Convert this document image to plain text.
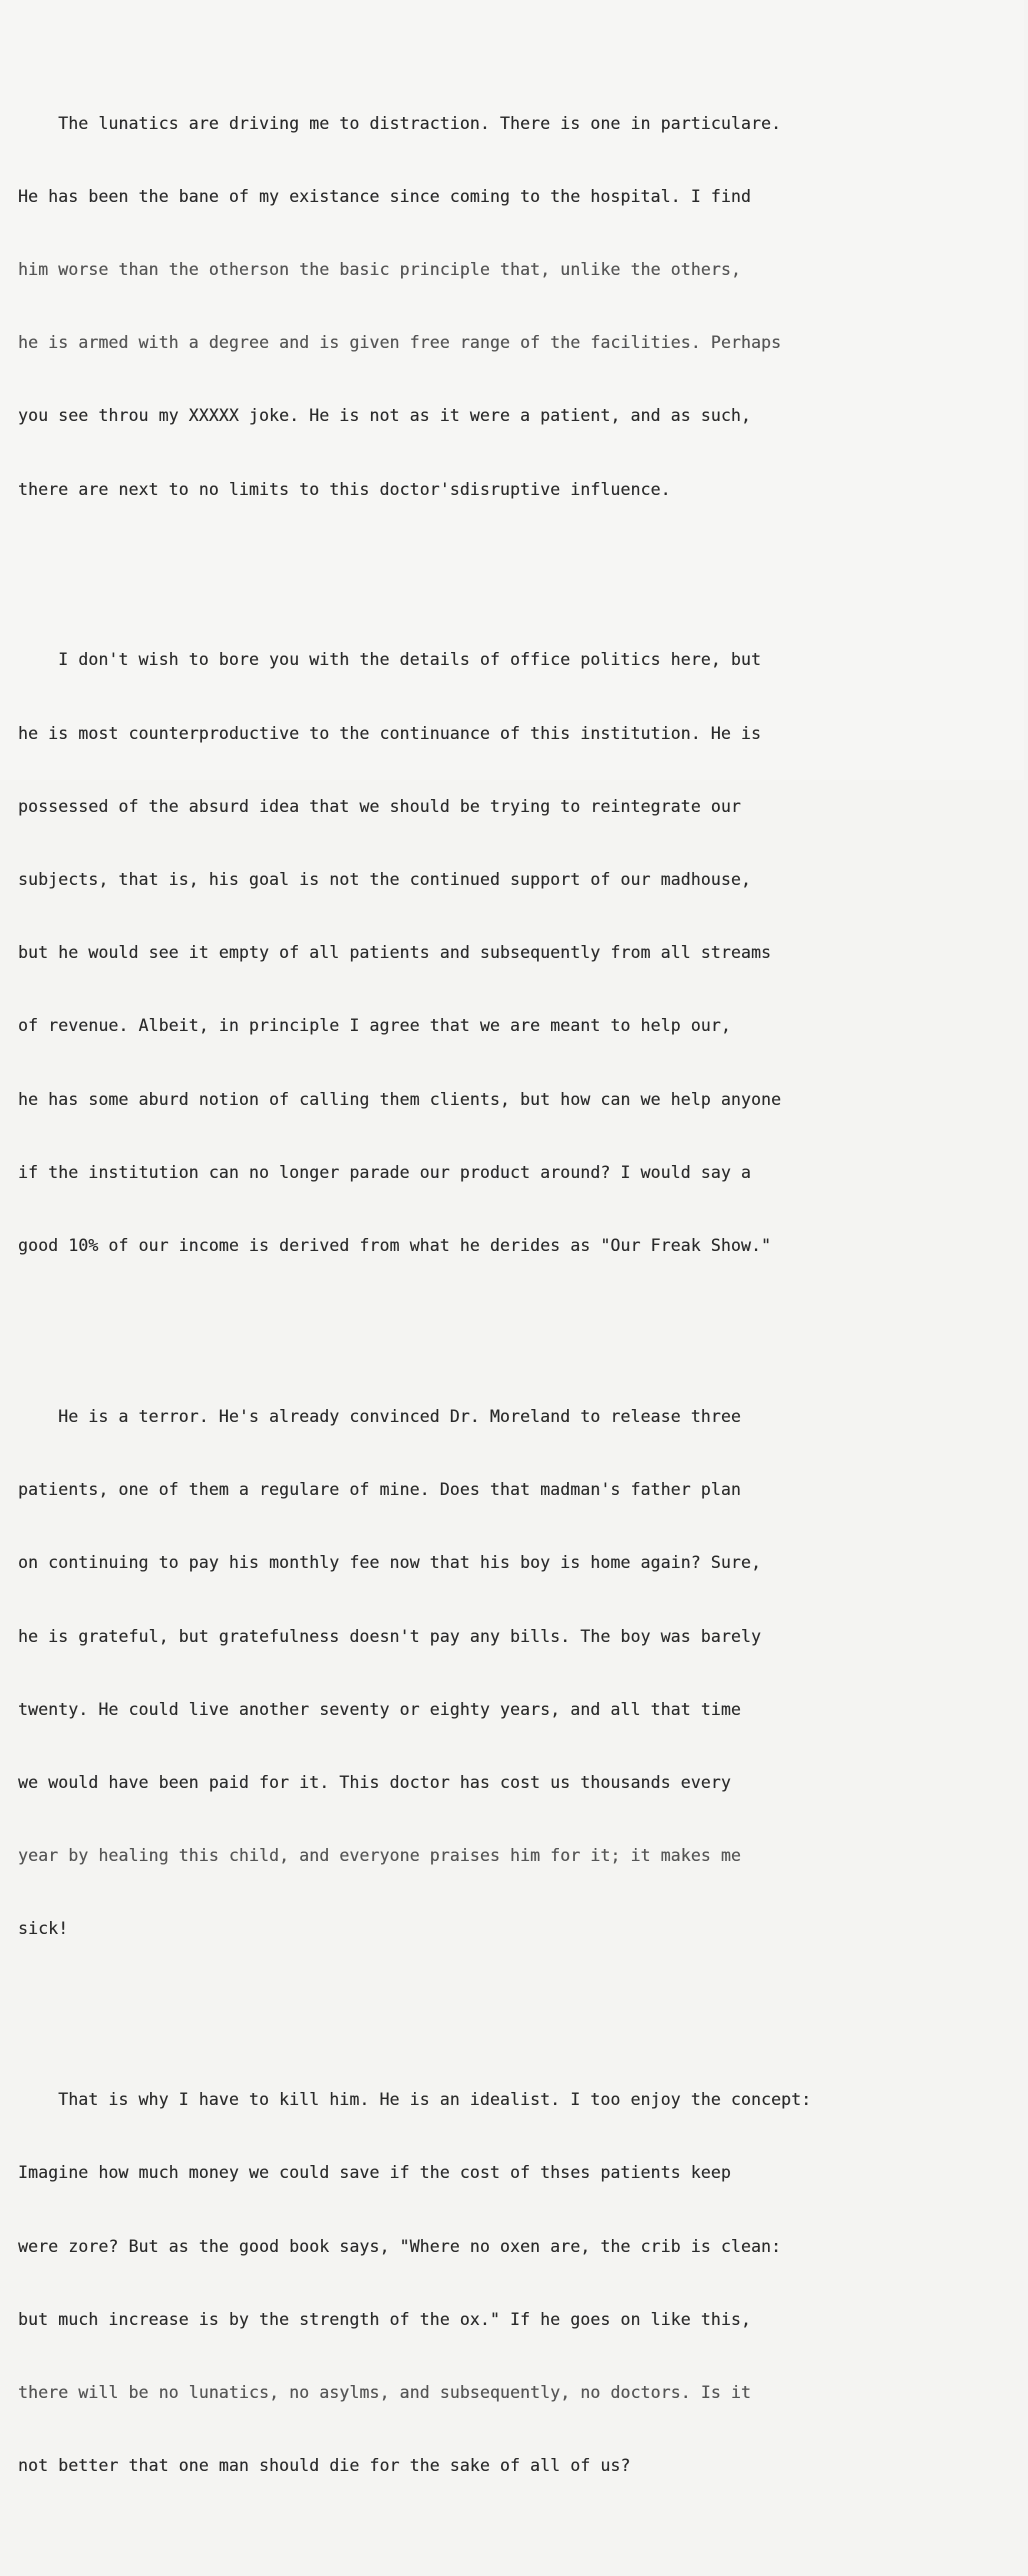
The lunatics are driving me to distraction. There is one in particulare.

He has been the bane of my existance since coming to the hospital. I find

him worse than the otherson the basic principle that, unlike the others,

he is armed with a degree and is given free range of the facilities. Perhaps

you see throu my XXXXX joke. He is not as it were a patient, and as such,

there are next to no limits to this doctor'sdisruptive influence.

I don't wish to bore you with the details of office politics here, but

he is most counterproductive to the continuance of this institution. He is

possessed of the absurd idea that we should be trying to reintegrate our

subjects, that is, his goal is not the continued support of our madhouse,

but he would see it empty of all patients and subsequently from all streams

of revenue. Albeit, in principle I agree that we are meant to help our,

he has some aburd notion of calling them clients, but how can we help anyone

if the institution can no longer parade our product around? I would say a

good 10% of our income is derived from what he derides as "Our Freak Show."

He is a terror. He's already convinced Dr. Moreland to release three

patients, one of them a regulare of mine. Does that madman's father plan

on continuing to pay his monthly fee now that his boy is home again? Sure,

he is grateful, but gratefulness doesn't pay any bills. The boy was barely

twenty. He could live another seventy or eighty years, and all that time

we would have been paid for it. This doctor has cost us thousands every

year by healing this child, and everyone praises him for it; it makes me

sick!

That is why I have to kill him. He is an idealist. I too enjoy the concept:

Imagine how much money we could save if the cost of thses patients keep

were zore? But as the good book says, "Where no oxen are, the crib is clean:

but much increase is by the strength of the ox." If he goes on like this,

there will be no lunatics, no asylms, and subsequently, no doctors. Is it

not better that one man should die for the sake of all of us?
